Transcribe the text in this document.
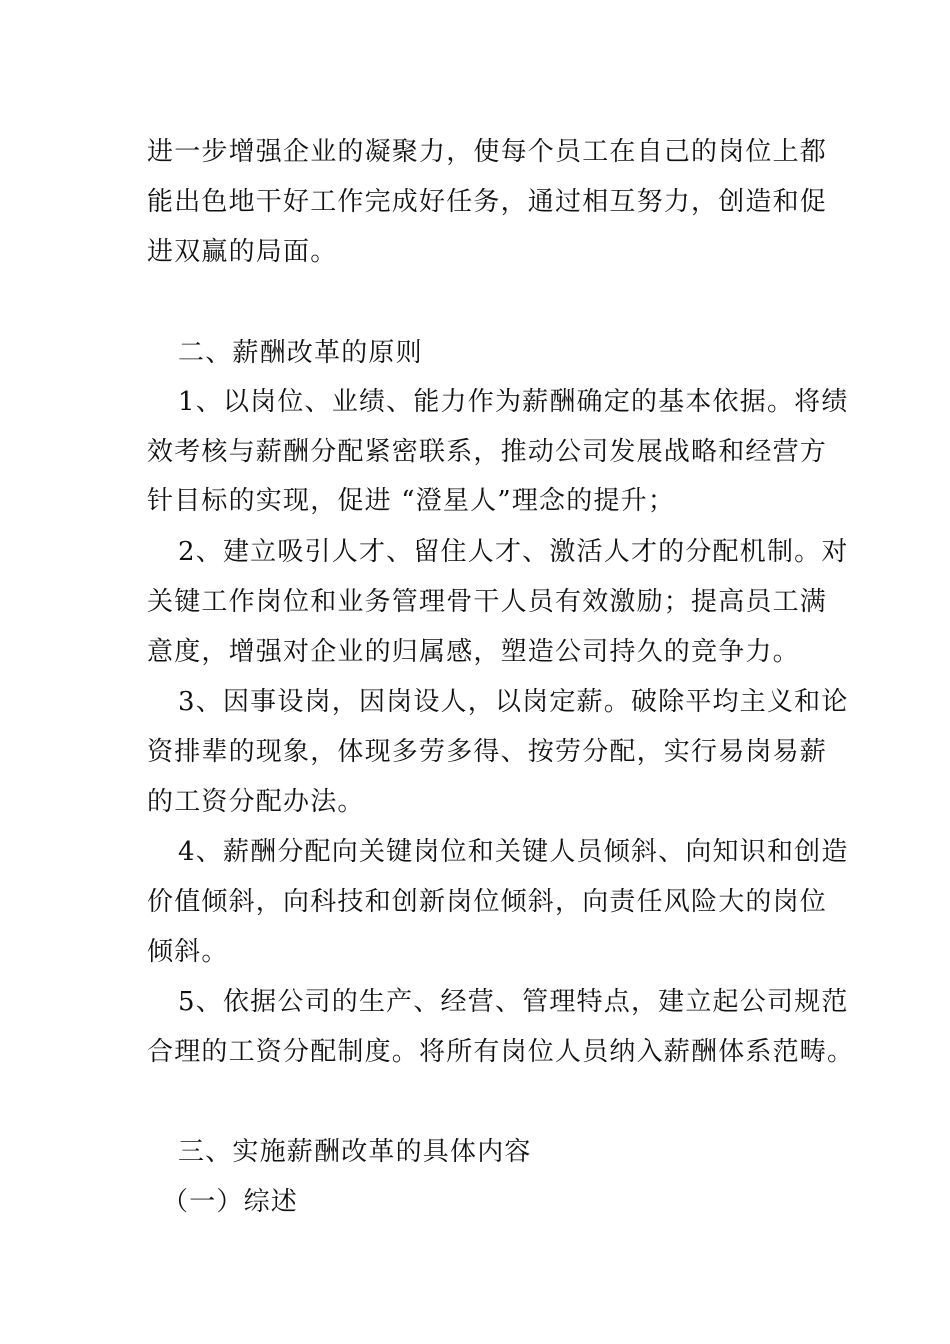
进一步增强企业的凝聚力，使每个员工在自己的岗位上都
能出色地干好工作完成好任务，通过相互努力，创造和促
进双赢的局面。
二、薪酬改革的原则
1、以岗位、业绩、能力作为薪酬确定的基本依据。将绩
效考核与薪酬分配紧密联系，推动公司发展战略和经营方
针目标的实现，促进 “澄星人”理念的提升；
2、建立吸引人才、留住人才、激活人才的分配机制。对
关键工作岗位和业务管理骨干人员有效激励；提高员工满
意度，增强对企业的归属感，塑造公司持久的竞争力。
3、因事设岗，因岗设人，以岗定薪。破除平均主义和论
资排辈的现象，体现多劳多得、按劳分配，实行易岗易薪
的工资分配办法。
4、薪酬分配向关键岗位和关键人员倾斜、向知识和创造
价值倾斜，向科技和创新岗位倾斜，向责任风险大的岗位
倾斜。
5、依据公司的生产、经营、管理特点，建立起公司规范
合理的工资分配制度。将所有岗位人员纳入薪酬体系范畴。
三、实施薪酬改革的具体内容
（一）综述
